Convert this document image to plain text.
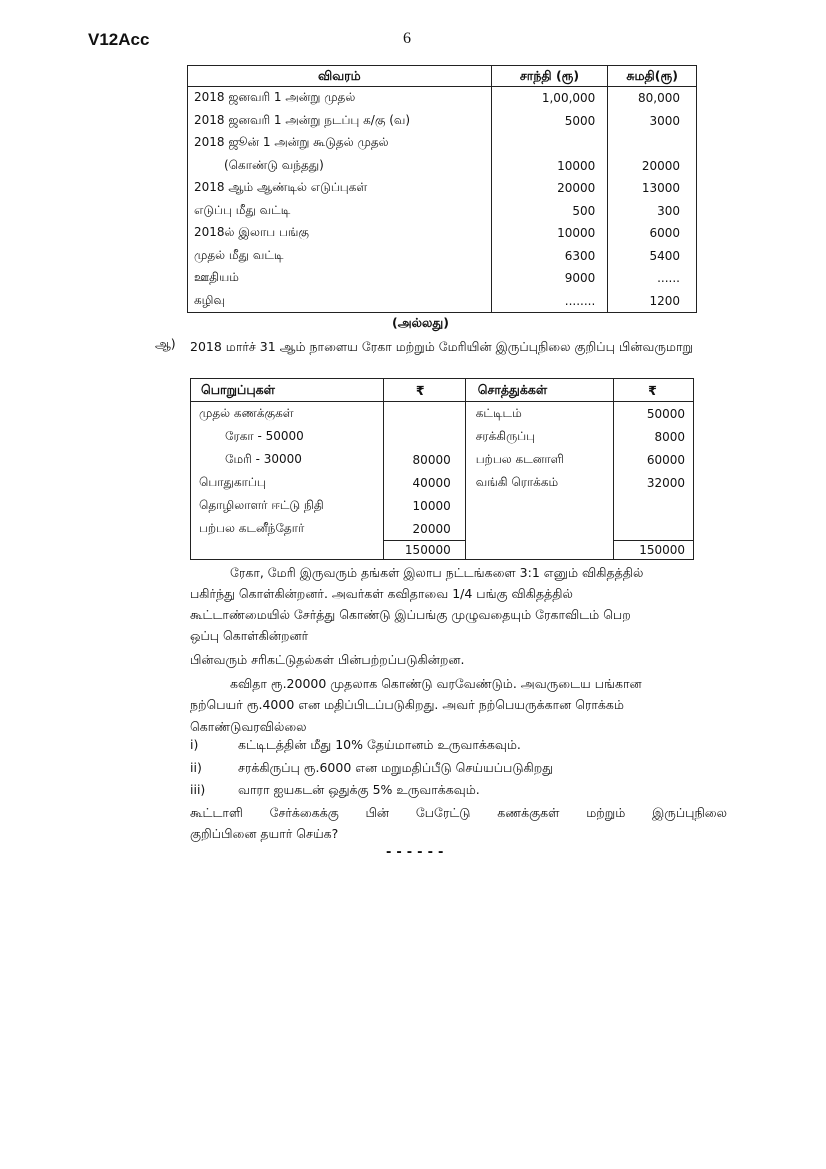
V12Acc	6
விவரம்	சாந்தி (ரூ)	சுமதி(ரூ)
2018 ஜனவரி 1 அன்று முதல்	1,00,000	80,000
2018 ஜனவரி 1 அன்று நடப்பு க/கு (வ)	5000	3000
2018 ஜூன் 1 அன்று கூடுதல் முதல்		
(கொண்டு வந்தது)	10000	20000
2018 ஆம் ஆண்டில் எடுப்புகள்	20000	13000
எடுப்பு மீது வட்டி	500	300
2018ல் இலாப பங்கு	10000	6000
முதல் மீது வட்டி	6300	5400
ஊதியம்	9000	......
கழிவு	........	1200
(அல்லது)
ஆ) 2018 மார்ச் 31 ஆம் நாளைய ரேகா மற்றும் மேரியின் இருப்புநிலை குறிப்பு பின்வருமாறு
பொறுப்புகள்	₹	சொத்துக்கள்	₹
முதல் கணக்குகள்		கட்டிடம்	50000
ரேகா - 50000		சரக்கிருப்பு	8000
மேரி - 30000	80000	பற்பல கடனாளி	60000
பொதுகாப்பு	40000	வங்கி ரொக்கம்	32000
தொழிலாளர் ஈட்டு நிதி	10000		
பற்பல கடனீந்தோர்	20000		
	150000		150000
ரேகா, மேரி இருவரும் தங்கள் இலாப நட்டங்களை 3:1 எனும் விகிதத்தில்
பகிர்ந்து கொள்கின்றனர். அவர்கள் கவிதாவை 1/4 பங்கு விகிதத்தில்
கூட்டாண்மையில் சேர்த்து கொண்டு இப்பங்கு முழுவதையும் ரேகாவிடம் பெற
ஒப்பு கொள்கின்றனர்
பின்வரும் சரிகட்டுதல்கள் பின்பற்றப்படுகின்றன.
கவிதா ரூ.20000 முதலாக கொண்டு வரவேண்டும். அவருடைய பங்கான
நற்பெயர் ரூ.4000 என மதிப்பிடப்படுகிறது. அவர் நற்பெயருக்கான ரொக்கம்
கொண்டுவரவில்லை
i)	கட்டிடத்தின் மீது 10% தேய்மானம் உருவாக்கவும்.
ii)	சரக்கிருப்பு ரூ.6000 என மறுமதிப்பீடு செய்யப்படுகிறது
iii)	வாரா ஐயகடன் ஒதுக்கு 5% உருவாக்கவும்.
கூட்டாளி சேர்க்கைக்கு பின் பேரேட்டு கணக்குகள் மற்றும் இருப்புநிலை
குறிப்பினை தயார் செய்க?
------
